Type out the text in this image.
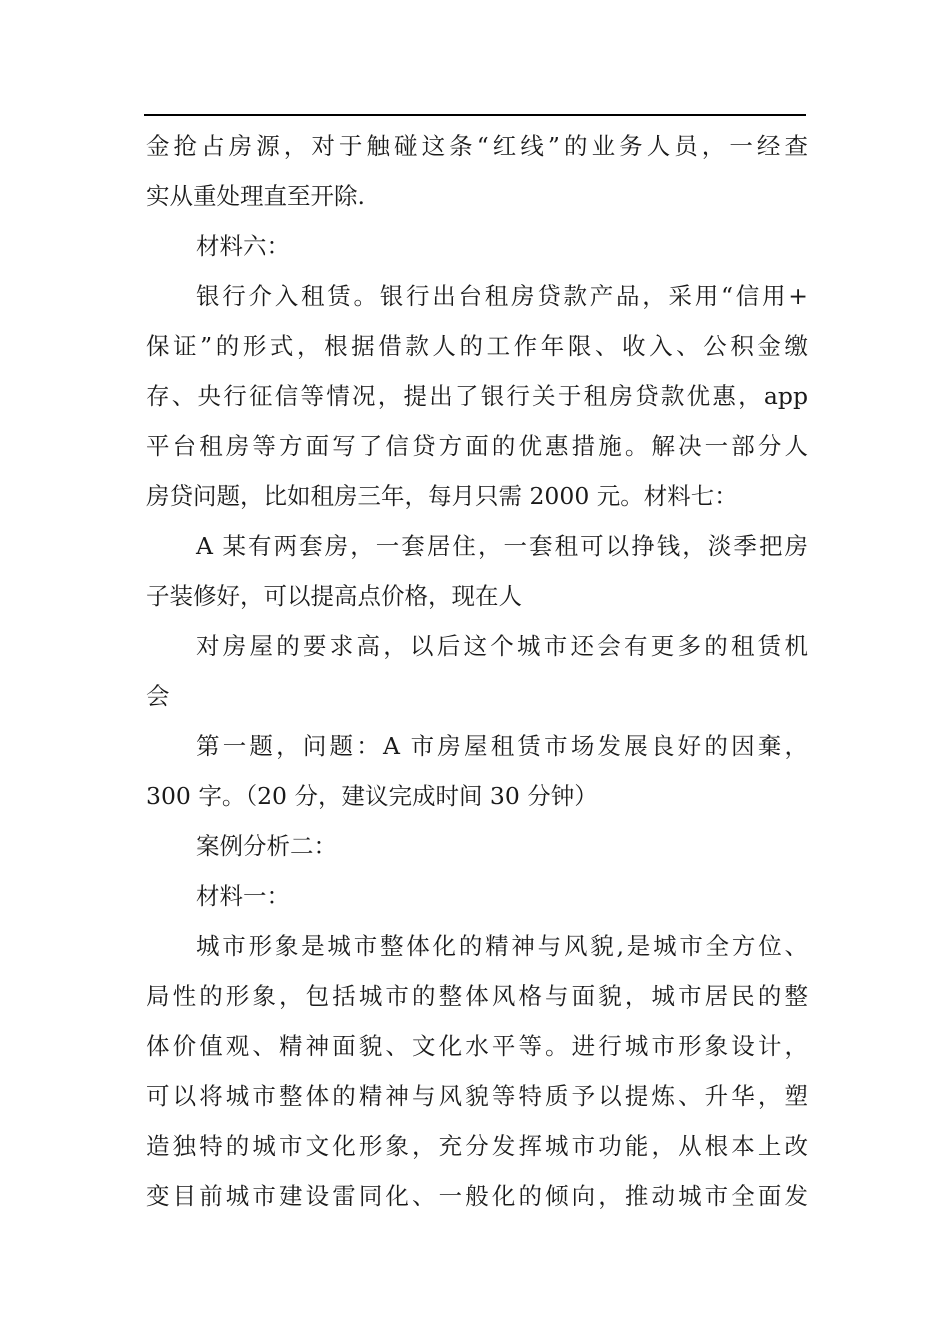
金抢占房源，对于触碰这条“红线”的业务人员，一经查
实从重处理直至开除.
材料六：
银行介入租赁。银行出台租房贷款产品，采用“信用+
保证”的形式，根据借款人的工作年限、收入、公积金缴
存、央行征信等情况，提出了银行关于租房贷款优惠，app
平台租房等方面写了信贷方面的优惠措施。解决一部分人
房贷问题，比如租房三年，每月只需 2000 元。材料七：
A 某有两套房，一套居住，一套租可以挣钱，淡季把房
子装修好，可以提高点价格，现在人
对房屋的要求高，以后这个城市还会有更多的租赁机
会
第一题，问题：A 市房屋租赁市场发展良好的因棄，
300 字。（20 分，建议完成时间 30 分钟）
案例分析二：
材料一：
城市形象是城市整体化的精神与风貌,是城市全方位、
局性的形象，包括城市的整体风格与面貌，城市居民的整
体价值观、精神面貌、文化水平等。进行城市形象设计，
可以将城市整体的精神与风貌等特质予以提炼、升华，塑
造独特的城市文化形象，充分发挥城市功能，从根本上改
变目前城市建设雷同化、一般化的倾向，推动城市全面发
